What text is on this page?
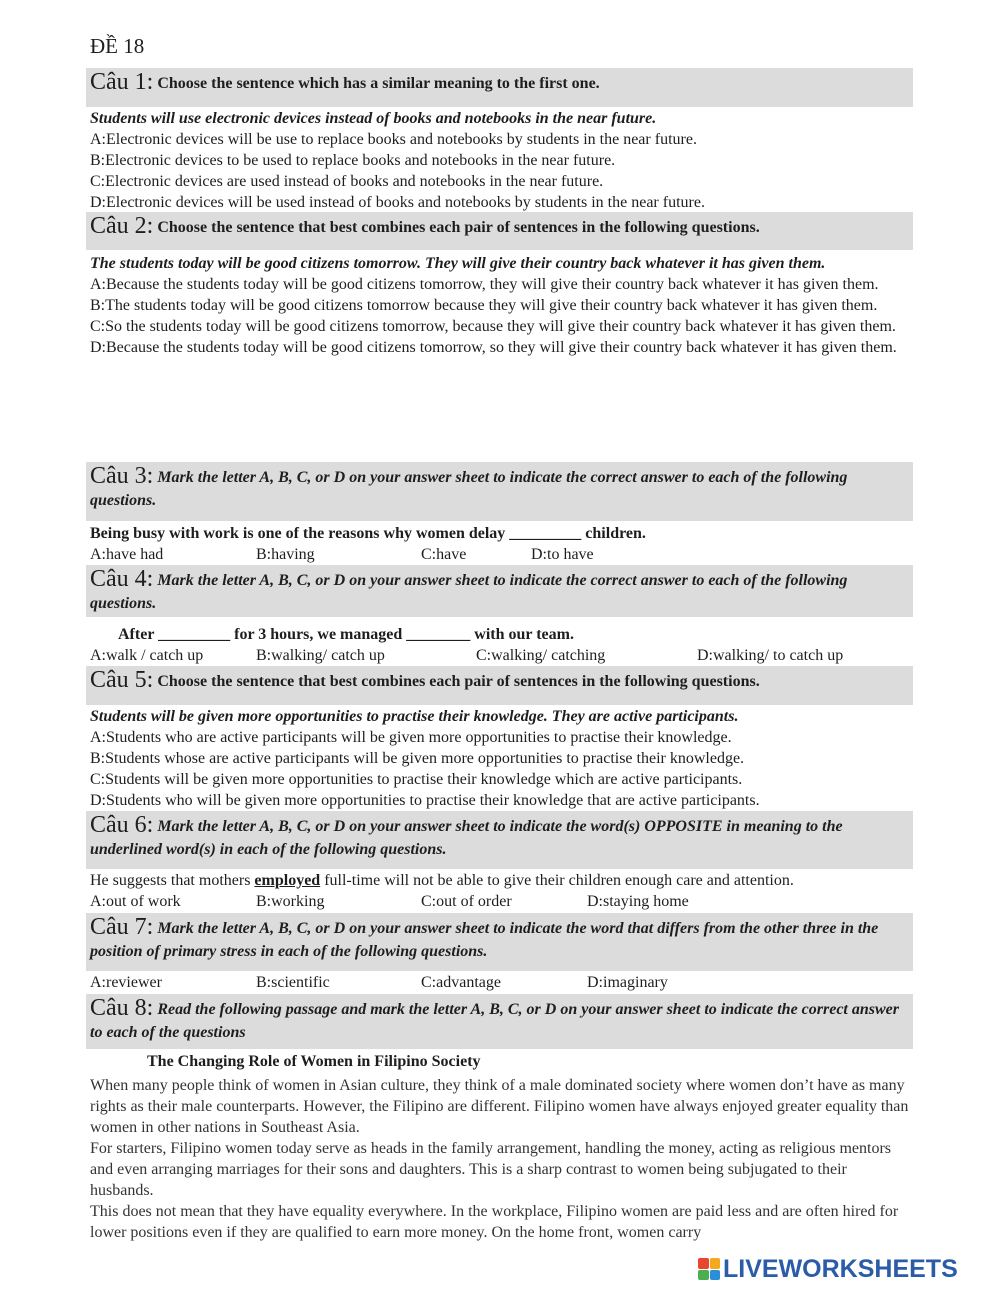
ĐỀ 18
Câu 1: Choose the sentence which has a similar meaning to the first one.
Students will use electronic devices instead of books and notebooks in the near future.
A:Electronic devices will be use to replace books and notebooks by students in the near future.
B:Electronic devices to be used to replace books and notebooks in the near future.
C:Electronic devices are used instead of books and notebooks in the near future.
D:Electronic devices will be used instead of books and notebooks by students in the near future.
Câu 2: Choose the sentence that best combines each pair of sentences in the following questions.
The students today will be good citizens tomorrow. They will give their country back whatever it has given them.
A:Because the students today will be good citizens tomorrow, they will give their country back whatever it has given them.
B:The students today will be good citizens tomorrow because they will give their country back whatever it has given them.
C:So the students today will be good citizens tomorrow, because they will give their country back whatever it has given them.
D:Because the students today will be good citizens tomorrow, so they will give their country back whatever it has given them.
Câu 3: Mark the letter A, B, C, or D on your answer sheet to indicate the correct answer to each of the following questions.
Being busy with work is one of the reasons why women delay _________ children.
A:have had	B:having	C:have	D:to have
Câu 4: Mark the letter A, B, C, or D on your answer sheet to indicate the correct answer to each of the following questions.
After _________ for 3 hours, we managed ________ with our team.
A:walk / catch up	B:walking/ catch up	C:walking/ catching	D:walking/ to catch up
Câu 5: Choose the sentence that best combines each pair of sentences in the following questions.
Students will be given more opportunities to practise their knowledge. They are active participants.
A:Students who are active participants will be given more opportunities to practise their knowledge.
B:Students whose are active participants will be given more opportunities to practise their knowledge.
C:Students will be given more opportunities to practise their knowledge which are active participants.
D:Students who will be given more opportunities to practise their knowledge that are active participants.
Câu 6: Mark the letter A, B, C, or D on your answer sheet to indicate the word(s) OPPOSITE in meaning to the underlined word(s) in each of the following questions.
He suggests that mothers employed full-time will not be able to give their children enough care and attention.
A:out of work	B:working	C:out of order	D:staying home
Câu 7: Mark the letter A, B, C, or D on your answer sheet to indicate the word that differs from the other three in the position of primary stress in each of the following questions.
A:reviewer	B:scientific	C:advantage	D:imaginary
Câu 8: Read the following passage and mark the letter A, B, C, or D on your answer sheet to indicate the correct answer to each of the questions
The Changing Role of Women in Filipino Society

When many people think of women in Asian culture, they think of a male dominated society where women don’t have as many rights as their male counterparts. However, the Filipino are different. Filipino women have always enjoyed greater equality than women in other nations in Southeast Asia.

For starters, Filipino women today serve as heads in the family arrangement, handling the money, acting as religious mentors and even arranging marriages for their sons and daughters. This is a sharp contrast to women being subjugated to their husbands.

This does not mean that they have equality everywhere. In the workplace, Filipino women are paid less and are often hired for lower positions even if they are qualified to earn more money. On the home front, women carry

LIVEWORKSHEETS
